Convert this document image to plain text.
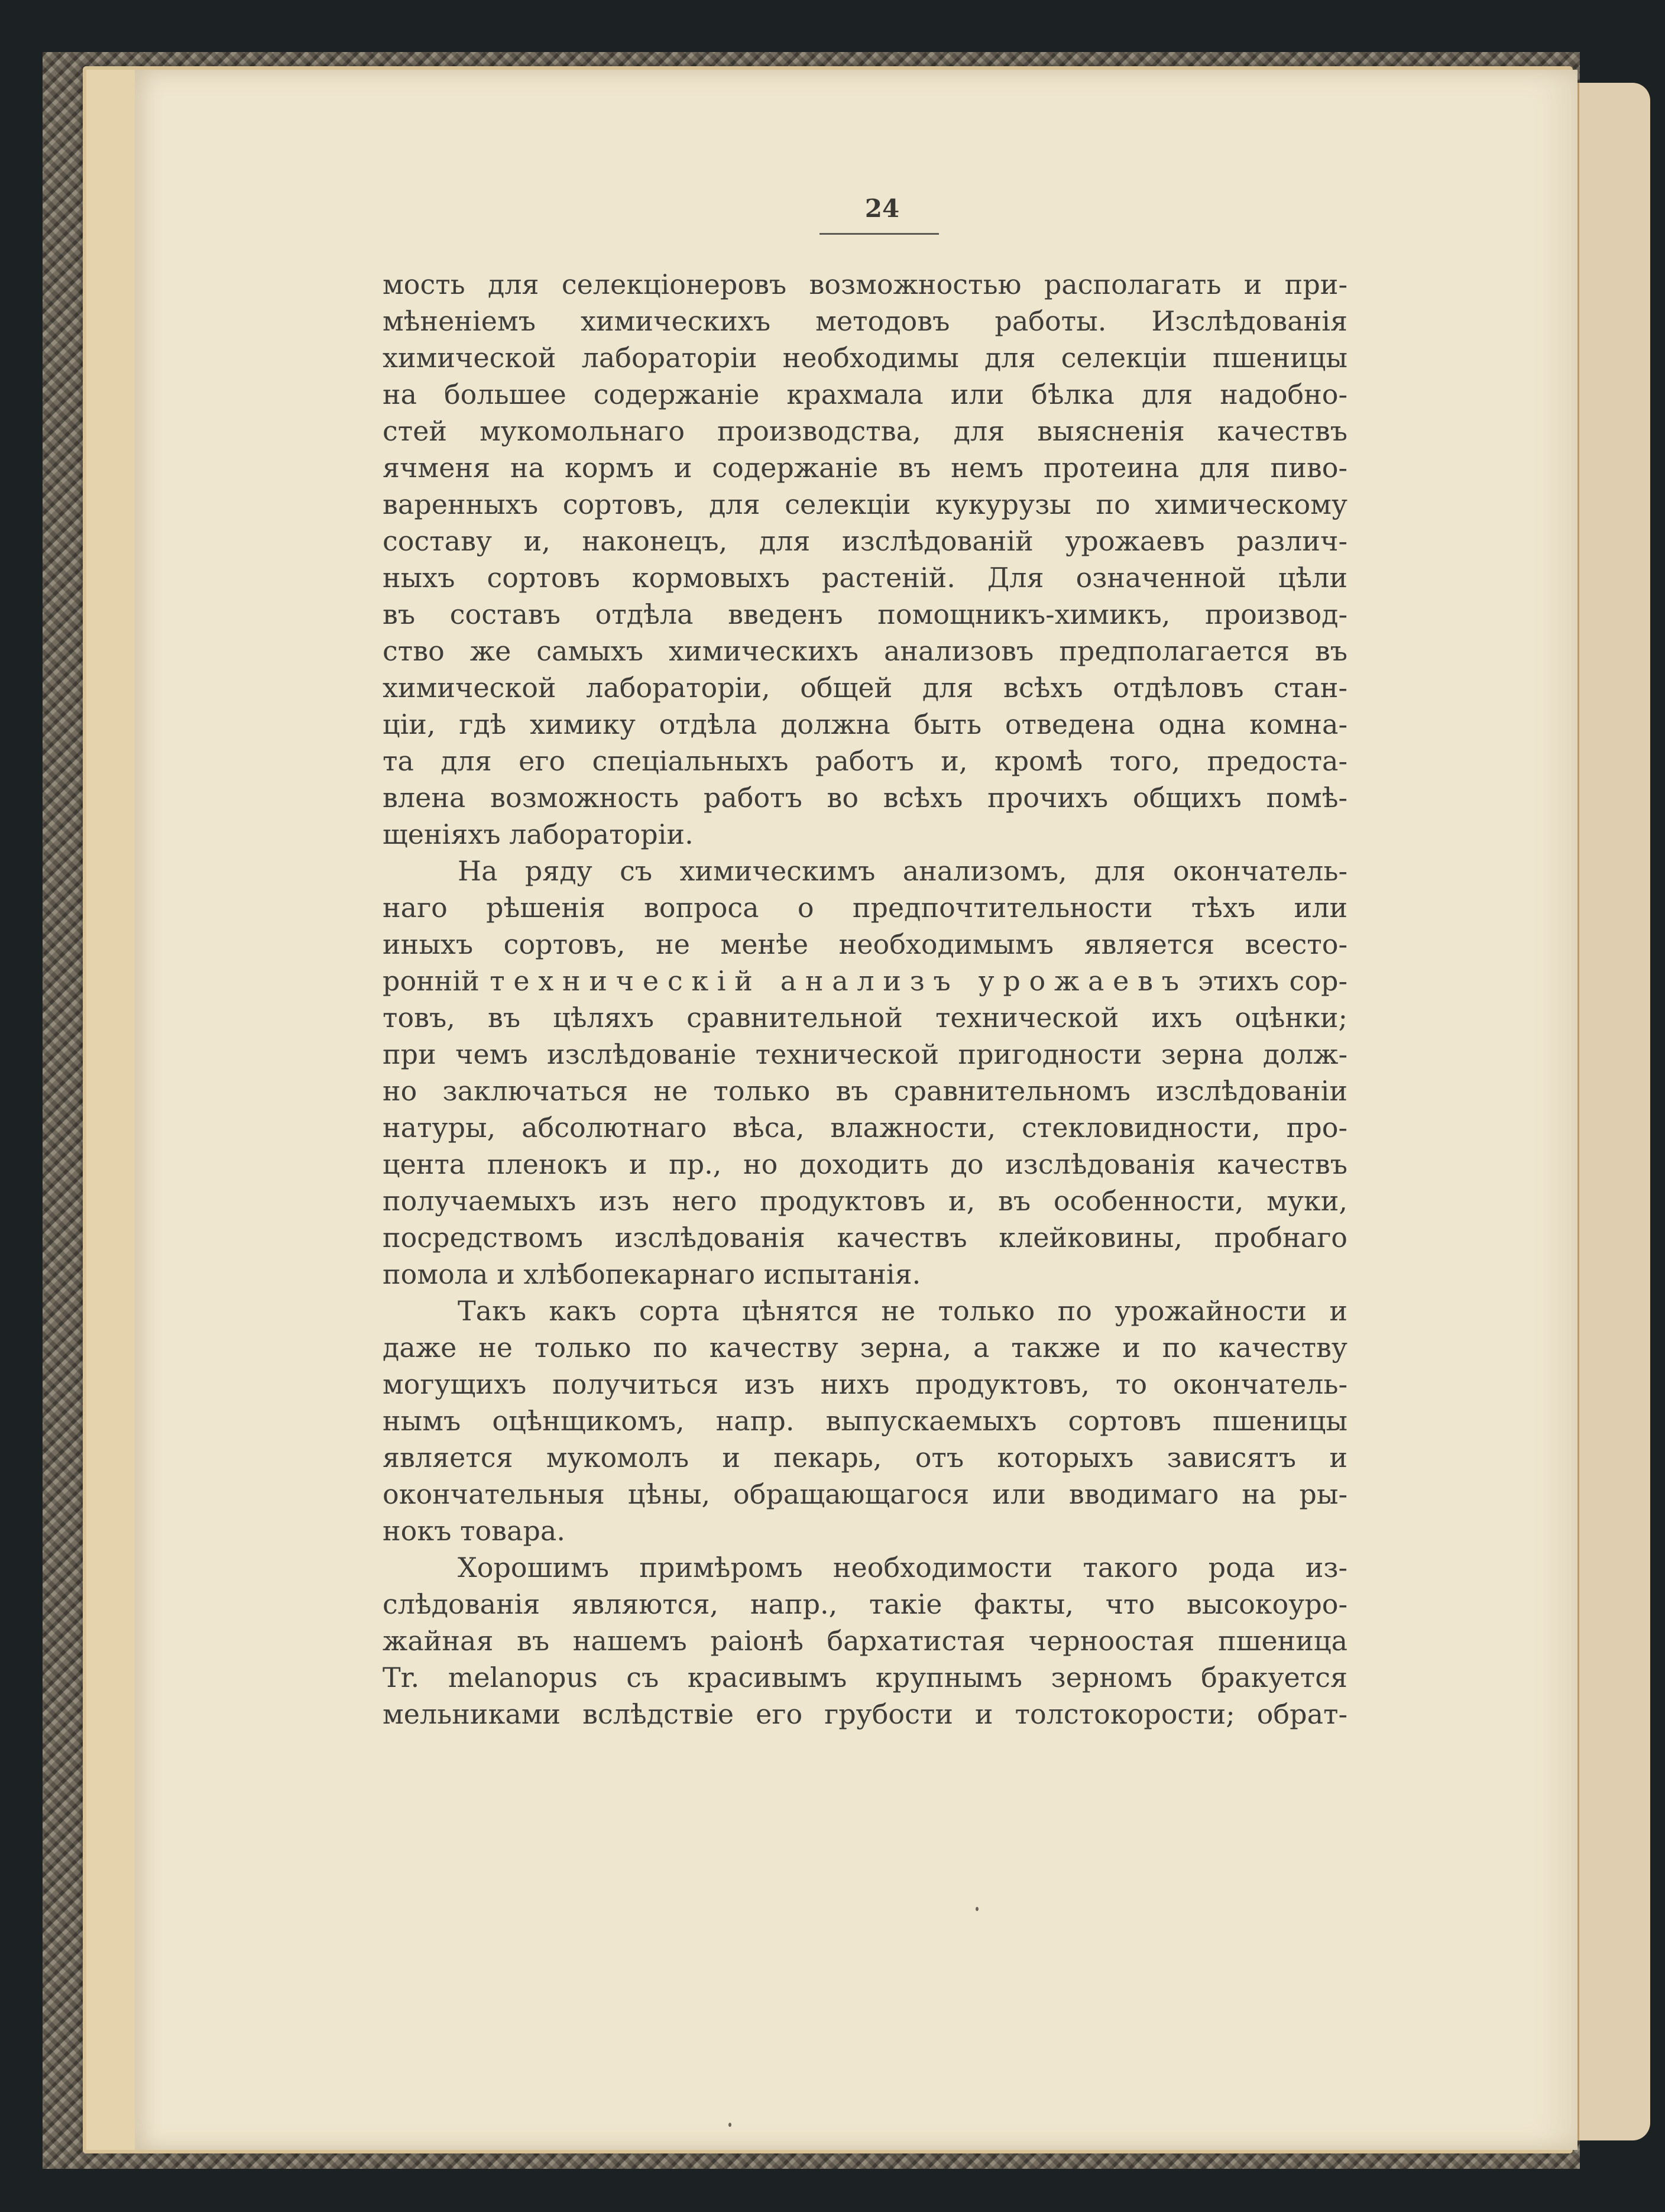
24
мость для селекціонеровъ возможностью располагать и при-
мѣненіемъ химическихъ методовъ работы. Изслѣдованія
химической лабораторіи необходимы для селекціи пшеницы
на большее содержаніе крахмала или бѣлка для надобно-
стей мукомольнаго производства, для выясненія качествъ
ячменя на кормъ и содержаніе въ немъ протеина для пиво-
варенныхъ сортовъ, для селекціи кукурузы по химическому
составу и, наконецъ, для изслѣдованій урожаевъ различ-
ныхъ сортовъ кормовыхъ растеній. Для означенной цѣли
въ составъ отдѣла введенъ помощникъ-химикъ, производ-
ство же самыхъ химическихъ анализовъ предполагается въ
химической лабораторіи, общей для всѣхъ отдѣловъ стан-
ціи, гдѣ химику отдѣла должна быть отведена одна комна-
та для его спеціальныхъ работъ и, кромѣ того, предоста-
влена возможность работъ во всѣхъ прочихъ общихъ помѣ-
щеніяхъ лабораторіи.
На ряду съ химическимъ анализомъ, для окончатель-
наго рѣшенія вопроса о предпочтительности тѣхъ или
иныхъ сортовъ, не менѣе необходимымъ является всесто-
ронній техническій анализъ урожаевъ этихъ сор-
товъ, въ цѣляхъ сравнительной технической ихъ оцѣнки;
при чемъ изслѣдованіе технической пригодности зерна долж-
но заключаться не только въ сравнительномъ изслѣдованіи
натуры, абсолютнаго вѣса, влажности, стекловидности, про-
цента пленокъ и пр., но доходить до изслѣдованія качествъ
получаемыхъ изъ него продуктовъ и, въ особенности, муки,
посредствомъ изслѣдованія качествъ клейковины, пробнаго
помола и хлѣбопекарнаго испытанія.
Такъ какъ сорта цѣнятся не только по урожайности и
даже не только по качеству зерна, а также и по качеству
могущихъ получиться изъ нихъ продуктовъ, то окончатель-
нымъ оцѣнщикомъ, напр. выпускаемыхъ сортовъ пшеницы
является мукомолъ и пекарь, отъ которыхъ зависятъ и
окончательныя цѣны, обращающагося или вводимаго на ры-
нокъ товара.
Хорошимъ примѣромъ необходимости такого рода из-
слѣдованія являются, напр., такіе факты, что высокоуро-
жайная въ нашемъ раіонѣ бархатистая черноостая пшеница
Tr. melanopus съ красивымъ крупнымъ зерномъ бракуется
мельниками вслѣдствіе его грубости и толстокорости; обрат-
